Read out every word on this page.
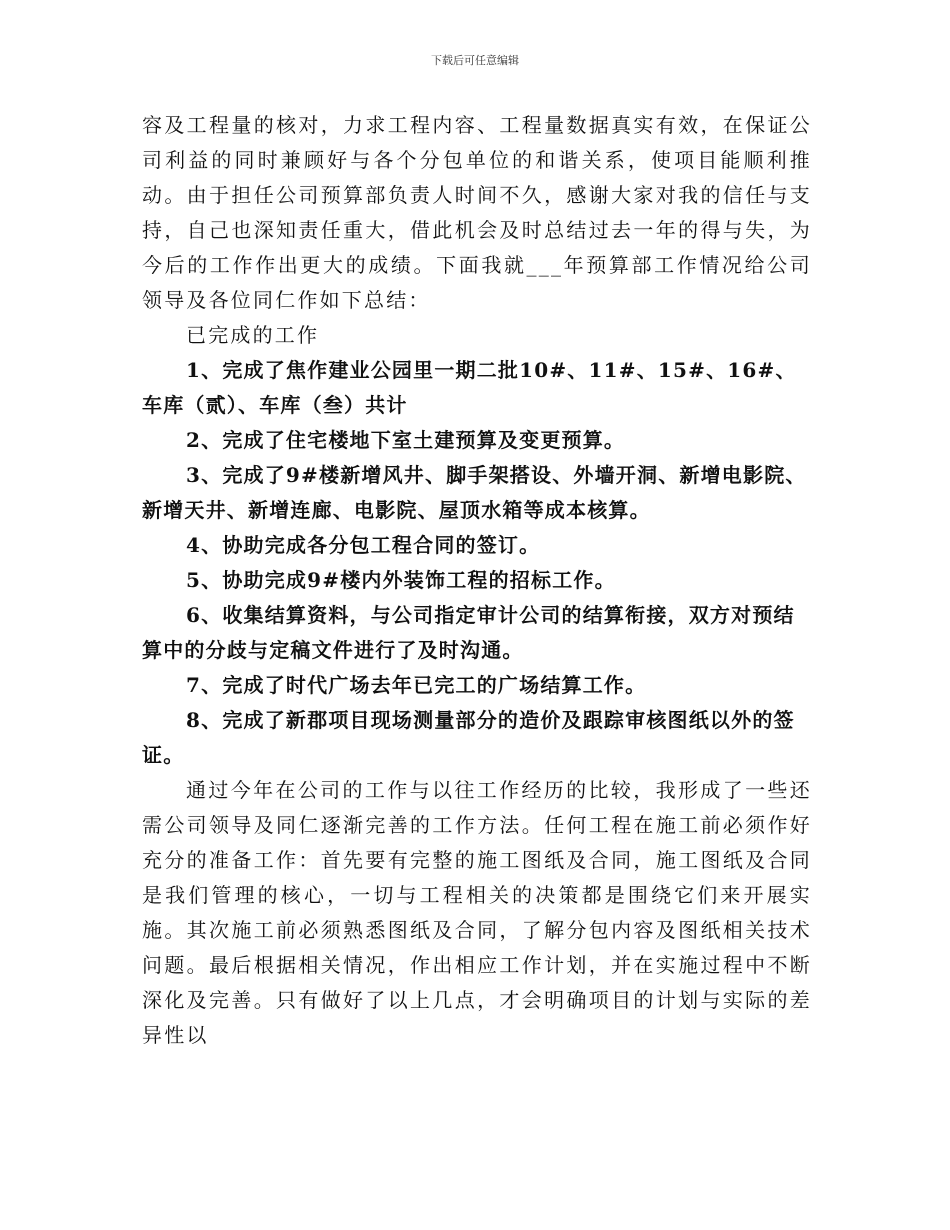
下载后可任意编辑

容及工程量的核对，力求工程内容、工程量数据真实有效，在保证公司利益的同时兼顾好与各个分包单位的和谐关系，使项目能顺利推动。由于担任公司预算部负责人时间不久，感谢大家对我的信任与支持，自己也深知责任重大，借此机会及时总结过去一年的得与失，为今后的工作作出更大的成绩。下面我就___年预算部工作情况给公司领导及各位同仁作如下总结：

已完成的工作

1、完成了焦作建业公园里一期二批10#、11#、15#、16#、车库（贰）、车库（叁）共计

2、完成了住宅楼地下室土建预算及变更预算。

3、完成了9#楼新增风井、脚手架搭设、外墙开洞、新增电影院、新增天井、新增连廊、电影院、屋顶水箱等成本核算。

4、协助完成各分包工程合同的签订。

5、协助完成9#楼内外装饰工程的招标工作。

6、收集结算资料，与公司指定审计公司的结算衔接，双方对预结算中的分歧与定稿文件进行了及时沟通。

7、完成了时代广场去年已完工的广场结算工作。

8、完成了新郡项目现场测量部分的造价及跟踪审核图纸以外的签证。

通过今年在公司的工作与以往工作经历的比较，我形成了一些还需公司领导及同仁逐渐完善的工作方法。任何工程在施工前必须作好充分的准备工作：首先要有完整的施工图纸及合同，施工图纸及合同是我们管理的核心，一切与工程相关的决策都是围绕它们来开展实施。其次施工前必须熟悉图纸及合同，了解分包内容及图纸相关技术问题。最后根据相关情况，作出相应工作计划，并在实施过程中不断深化及完善。只有做好了以上几点，才会明确项目的计划与实际的差异性以
